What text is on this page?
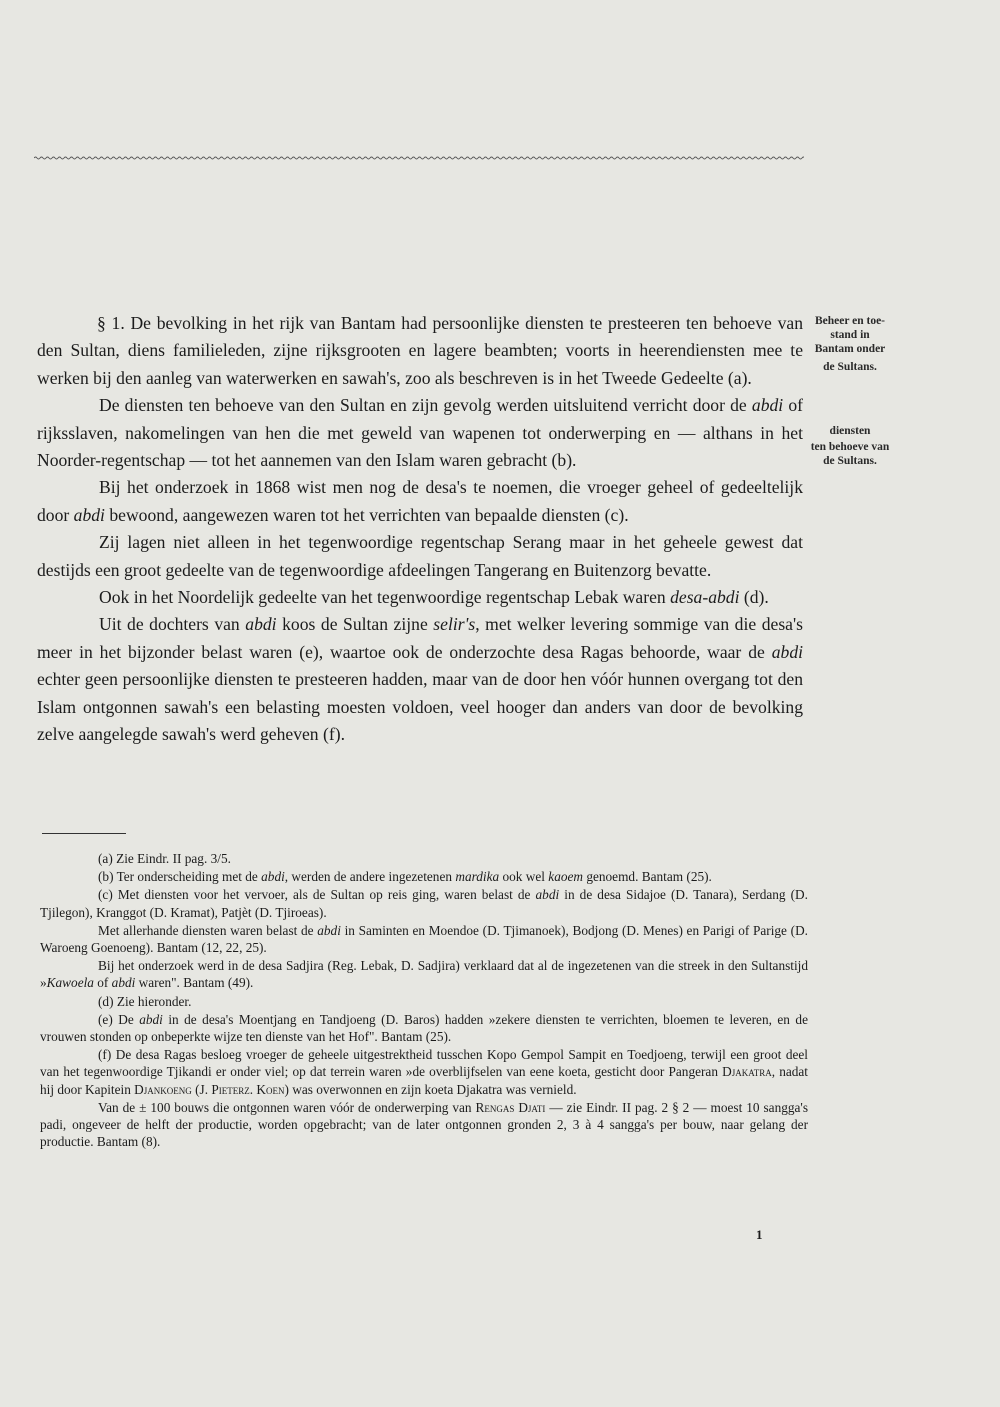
Beheer en toe-
stand in
Bantam onder
de Sultans.
diensten
ten behoeve van
de Sultans.

§ 1. De bevolking in het rijk van Bantam had persoonlijke diensten te presteeren ten behoeve van den Sultan, diens familieleden, zijne rijksgrooten en lagere beambten; voorts in heerendiensten mee te werken bij den aanleg van waterwerken en sawah's, zoo als beschreven is in het Tweede Gedeelte (a).

De diensten ten behoeve van den Sultan en zijn gevolg werden uitsluitend verricht door de abdi of rijksslaven, nakomelingen van hen die met geweld van wapenen tot onderwerping en — althans in het Noorder-regentschap — tot het aannemen van den Islam waren gebracht (b).

Bij het onderzoek in 1868 wist men nog de desa's te noemen, die vroeger geheel of gedeeltelijk door abdi bewoond, aangewezen waren tot het verrichten van bepaalde diensten (c).

Zij lagen niet alleen in het tegenwoordige regentschap Serang maar in het geheele gewest dat destijds een groot gedeelte van de tegenwoordige afdeelingen Tangerang en Buitenzorg bevatte.

Ook in het Noordelijk gedeelte van het tegenwoordige regentschap Lebak waren desa-abdi (d).

Uit de dochters van abdi koos de Sultan zijne selir's, met welker levering sommige van die desa's meer in het bijzonder belast waren (e), waartoe ook de onderzochte desa Ragas behoorde, waar de abdi echter geen persoonlijke diensten te presteeren hadden, maar van de door hen vóór hunnen overgang tot den Islam ontgonnen sawah's een belasting moesten voldoen, veel hooger dan anders van door de bevolking zelve aangelegde sawah's werd geheven (f).

(a) Zie Eindr. II pag. 3/5.

(b) Ter onderscheiding met de abdi, werden de andere ingezetenen mardika ook wel kaoem genoemd. Bantam (25).

(c) Met diensten voor het vervoer, als de Sultan op reis ging, waren belast de abdi in de desa Sidajoe (D. Tanara), Serdang (D. Tjilegon), Kranggot (D. Kramat), Patjèt (D. Tjiroeas).

Met allerhande diensten waren belast de abdi in Saminten en Moendoe (D. Tjimanoek), Bodjong (D. Menes) en Parigi of Parige (D. Waroeng Goenoeng). Bantam (12, 22, 25).

Bij het onderzoek werd in de desa Sadjira (Reg. Lebak, D. Sadjira) verklaard dat al de ingezetenen van die streek in den Sultanstijd »Kawoela of abdi waren". Bantam (49).

(d) Zie hieronder.

(e) De abdi in de desa's Moentjang en Tandjoeng (D. Baros) hadden »zekere diensten te verrichten, bloemen te leveren, en de vrouwen stonden op onbeperkte wijze ten dienste van het Hof". Bantam (25).

(f) De desa Ragas besloeg vroeger de geheele uitgestrektheid tusschen Kopo Gempol Sampit en Toedjoeng, terwijl een groot deel van het tegenwoordige Tjikandi er onder viel; op dat terrein waren »de overblijfselen van eene koeta, gesticht door Pangeran Djakatra, nadat hij door Kapitein Djankoeng (J. Pieterz. Koen) was overwonnen en zijn koeta Djakatra was vernield.

Van de ± 100 bouws die ontgonnen waren vóór de onderwerping van Rengas Djati — zie Eindr. II pag. 2 § 2 — moest 10 sangga's padi, ongeveer de helft der productie, worden opgebracht; van de later ontgonnen gronden 2, 3 à 4 sangga's per bouw, naar gelang der productie. Bantam (8).

1
